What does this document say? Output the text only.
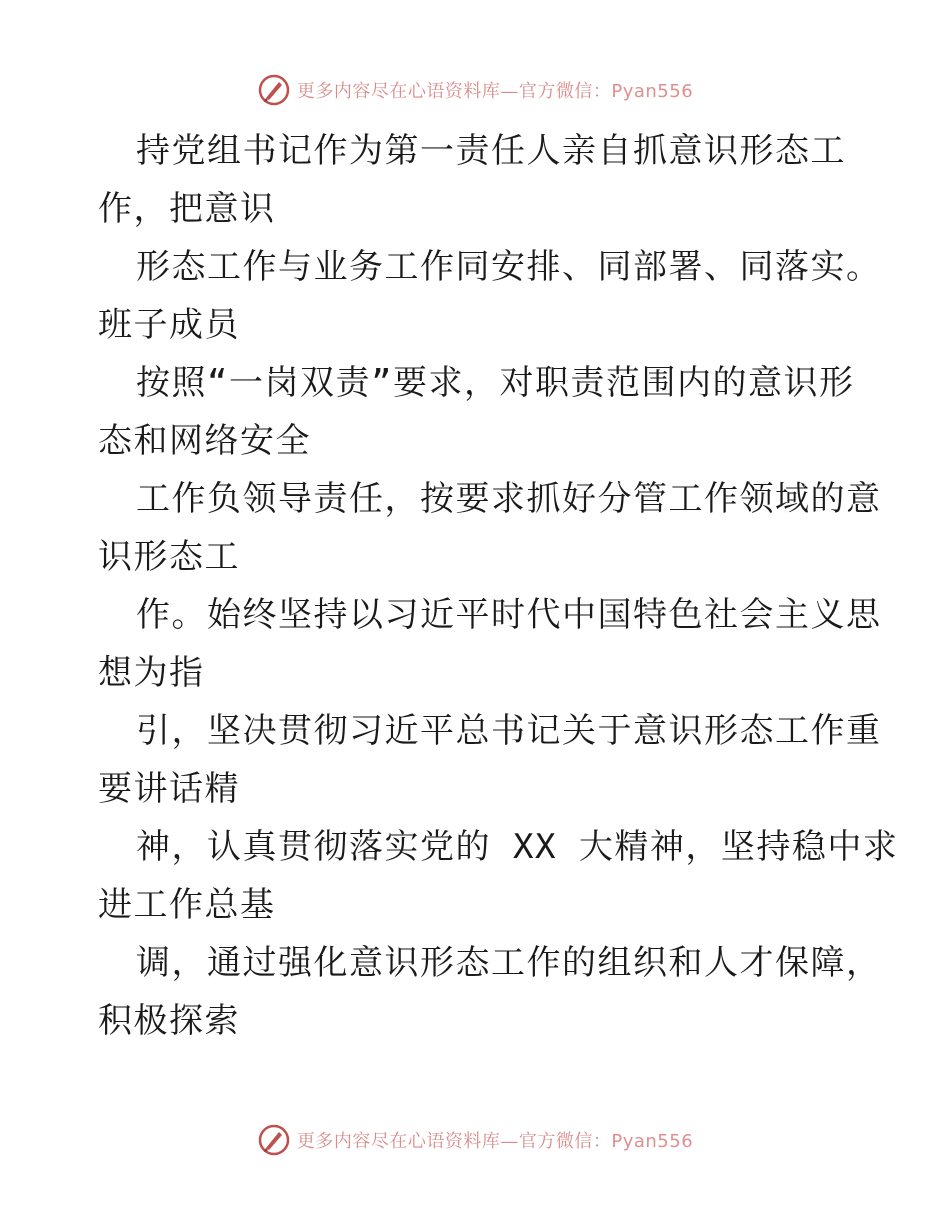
更多内容尽在心语资料库—官方微信：Pyan556
持党组书记作为第一责任人亲自抓意识形态工
作，把意识
形态工作与业务工作同安排、同部署、同落实。
班子成员
按照“一岗双责”要求，对职责范围内的意识形
态和网络安全
工作负领导责任，按要求抓好分管工作领域的意
识形态工
作。始终坚持以习近平时代中国特色社会主义思
想为指
引，坚决贯彻习近平总书记关于意识形态工作重
要讲话精
神，认真贯彻落实党的 XX 大精神，坚持稳中求
进工作总基
调，通过强化意识形态工作的组织和人才保障，
积极探索
更多内容尽在心语资料库—官方微信：Pyan556
